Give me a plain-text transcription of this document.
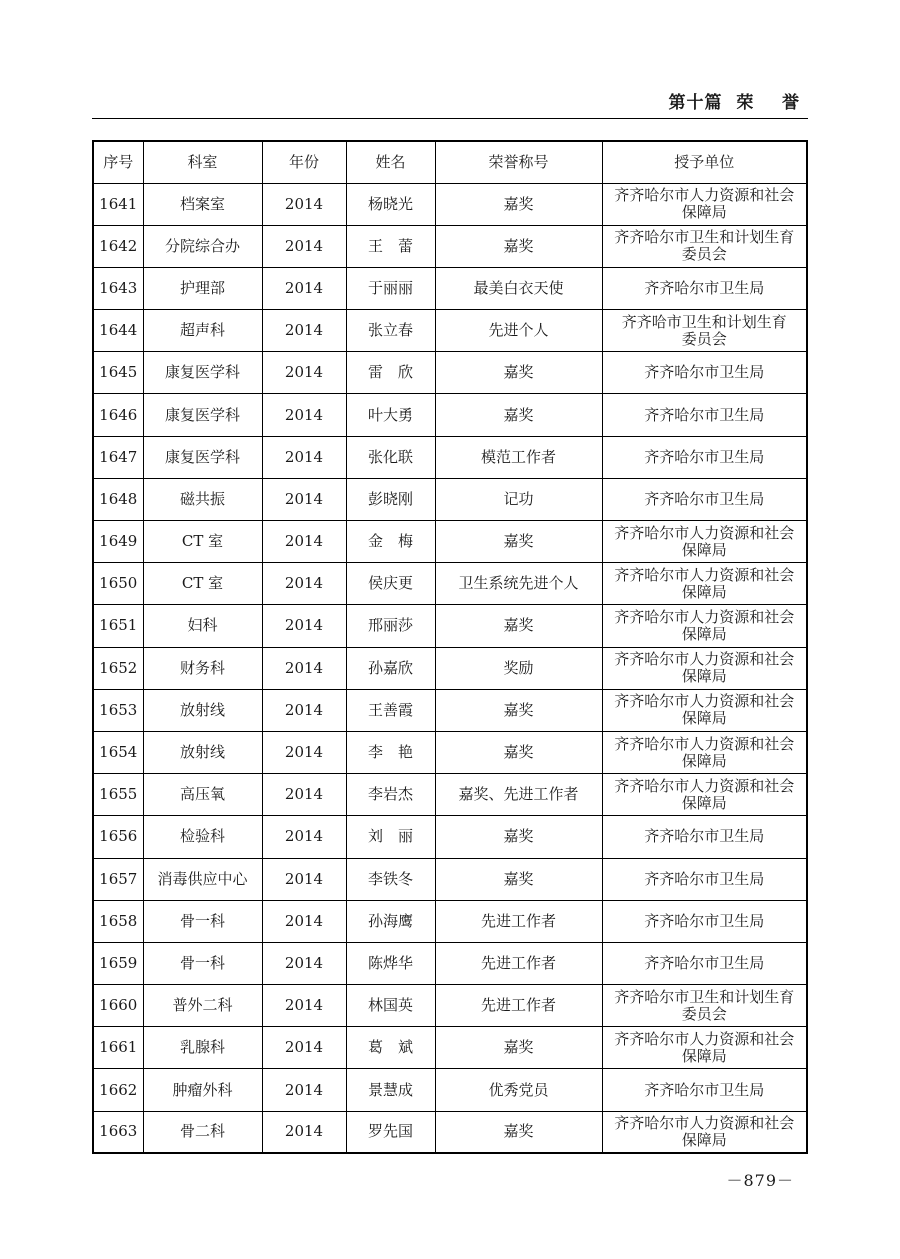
第十篇  荣    誉
序号	科室	年份	姓名	荣誉称号	授予单位
1641	档案室	2014	杨晓光	嘉奖	齐齐哈尔市人力资源和社会
保障局

1642	分院综合办	2014	王　蕾	嘉奖	齐齐哈尔市卫生和计划生育
委员会

1643	护理部	2014	于丽丽	最美白衣天使	齐齐哈尔市卫生局

1644	超声科	2014	张立春	先进个人	齐齐哈市卫生和计划生育
委员会

1645	康复医学科	2014	雷　欣	嘉奖	齐齐哈尔市卫生局

1646	康复医学科	2014	叶大勇	嘉奖	齐齐哈尔市卫生局

1647	康复医学科	2014	张化联	模范工作者	齐齐哈尔市卫生局

1648	磁共振	2014	彭晓刚	记功	齐齐哈尔市卫生局

1649	CT 室	2014	金　梅	嘉奖	齐齐哈尔市人力资源和社会
保障局

1650	CT 室	2014	侯庆更	卫生系统先进个人	齐齐哈尔市人力资源和社会
保障局

1651	妇科	2014	邢丽莎	嘉奖	齐齐哈尔市人力资源和社会
保障局

1652	财务科	2014	孙嘉欣	奖励	齐齐哈尔市人力资源和社会
保障局

1653	放射线	2014	王善霞	嘉奖	齐齐哈尔市人力资源和社会
保障局

1654	放射线	2014	李　艳	嘉奖	齐齐哈尔市人力资源和社会
保障局

1655	高压氧	2014	李岩杰	嘉奖、先进工作者	齐齐哈尔市人力资源和社会
保障局

1656	检验科	2014	刘　丽	嘉奖	齐齐哈尔市卫生局

1657	消毒供应中心	2014	李铁冬	嘉奖	齐齐哈尔市卫生局

1658	骨一科	2014	孙海鹰	先进工作者	齐齐哈尔市卫生局

1659	骨一科	2014	陈烨华	先进工作者	齐齐哈尔市卫生局

1660	普外二科	2014	林国英	先进工作者	齐齐哈尔市卫生和计划生育
委员会

1661	乳腺科	2014	葛　斌	嘉奖	齐齐哈尔市人力资源和社会
保障局

1662	肿瘤外科	2014	景慧成	优秀党员	齐齐哈尔市卫生局

1663	骨二科	2014	罗先国	嘉奖	齐齐哈尔市人力资源和社会
保障局
－879－
